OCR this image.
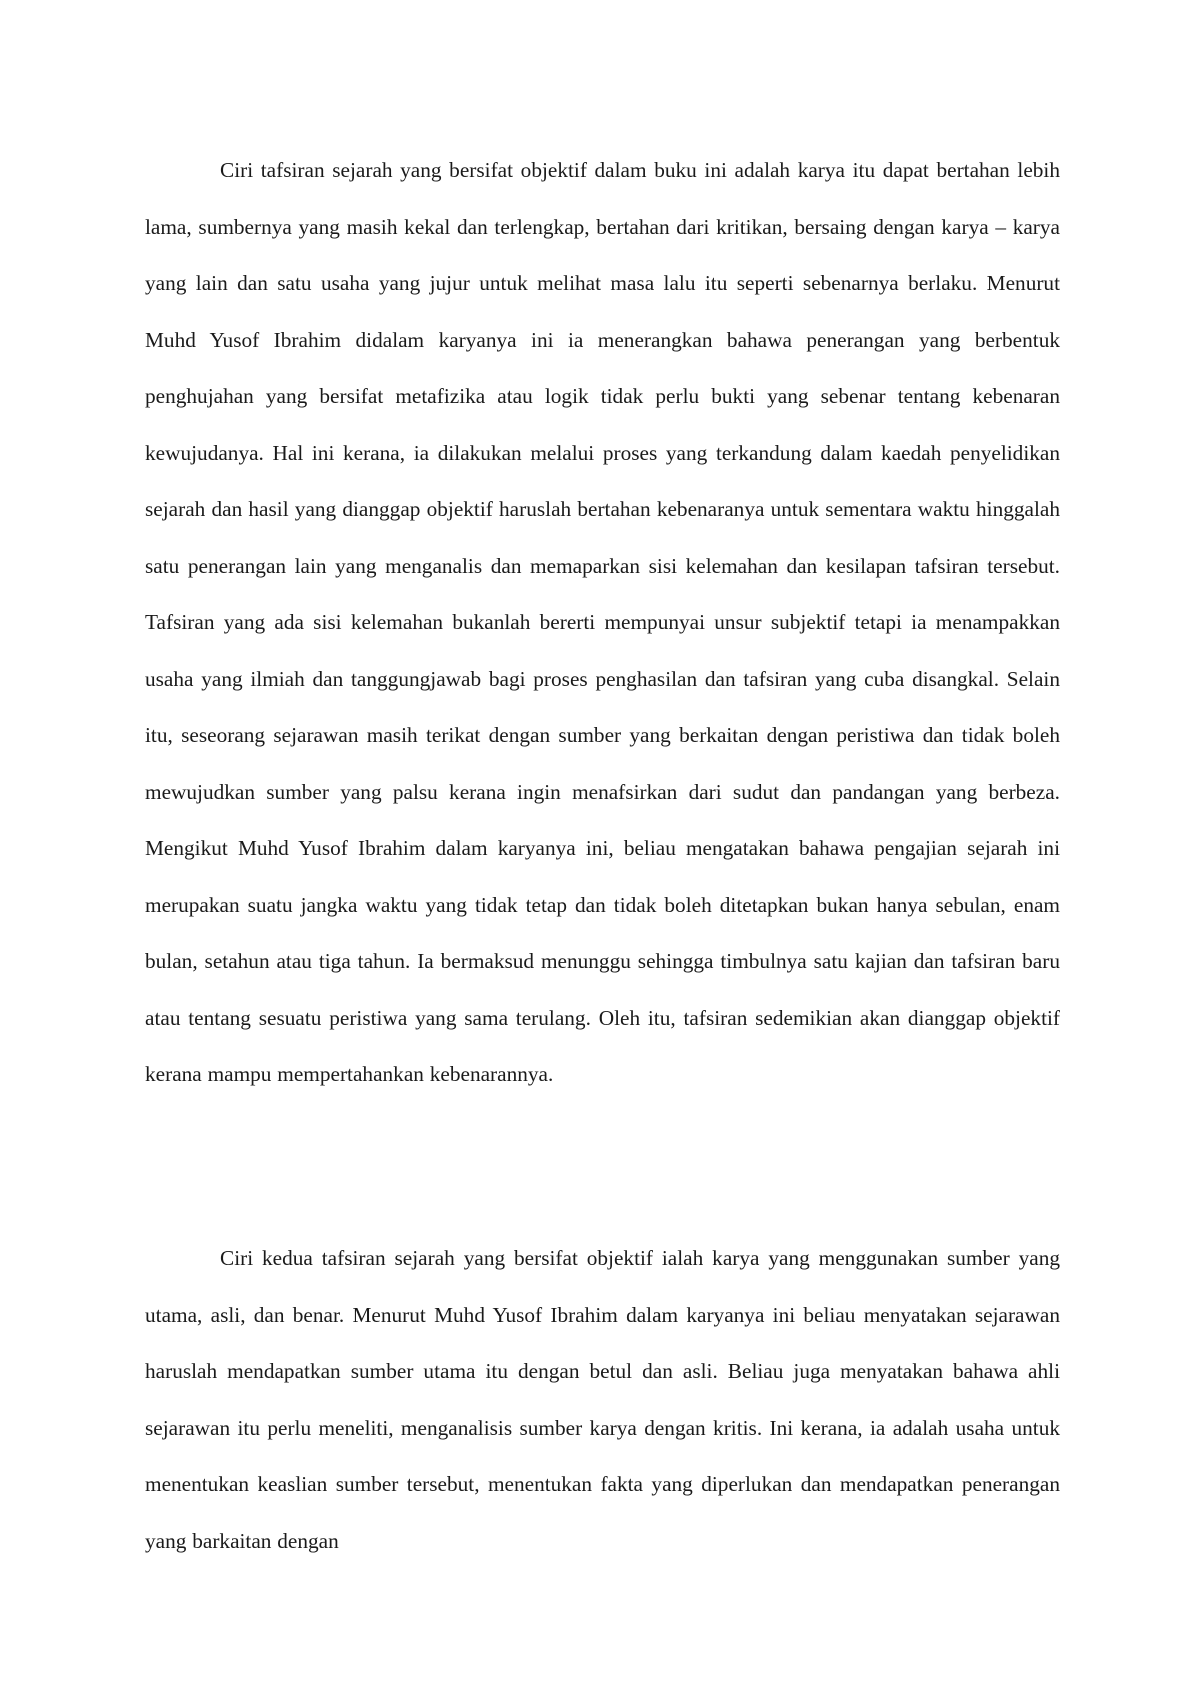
Ciri tafsiran sejarah yang bersifat objektif dalam buku ini adalah karya itu dapat bertahan lebih lama, sumbernya yang masih kekal dan terlengkap, bertahan dari kritikan, bersaing dengan karya – karya yang lain dan satu usaha yang jujur untuk melihat masa lalu itu seperti sebenarnya berlaku. Menurut Muhd Yusof Ibrahim didalam karyanya ini ia menerangkan bahawa penerangan yang berbentuk penghujahan yang bersifat metafizika atau logik tidak perlu bukti yang sebenar tentang kebenaran kewujudanya. Hal ini kerana, ia dilakukan melalui proses yang terkandung dalam kaedah penyelidikan sejarah dan hasil yang dianggap objektif haruslah bertahan kebenaranya untuk sementara waktu hinggalah satu penerangan lain yang menganalis dan memaparkan sisi kelemahan dan kesilapan tafsiran tersebut. Tafsiran yang ada sisi kelemahan bukanlah bererti mempunyai unsur subjektif tetapi ia menampakkan usaha yang ilmiah dan tanggungjawab bagi proses penghasilan dan tafsiran yang cuba disangkal. Selain itu, seseorang sejarawan masih terikat dengan sumber yang berkaitan dengan peristiwa dan tidak boleh mewujudkan sumber yang palsu kerana ingin menafsirkan dari sudut dan pandangan yang berbeza. Mengikut Muhd Yusof Ibrahim dalam karyanya ini, beliau mengatakan bahawa pengajian sejarah ini merupakan suatu jangka waktu yang tidak tetap dan tidak boleh ditetapkan bukan hanya sebulan, enam bulan, setahun atau tiga tahun. Ia bermaksud menunggu sehingga timbulnya satu kajian dan tafsiran baru atau tentang sesuatu peristiwa yang sama terulang. Oleh itu, tafsiran sedemikian akan dianggap objektif kerana mampu mempertahankan kebenarannya.

Ciri kedua tafsiran sejarah yang bersifat objektif ialah karya yang menggunakan sumber yang utama, asli, dan benar. Menurut Muhd Yusof Ibrahim dalam karyanya ini beliau menyatakan sejarawan haruslah mendapatkan sumber utama itu dengan betul dan asli. Beliau juga menyatakan bahawa ahli sejarawan itu perlu meneliti, menganalisis sumber karya dengan kritis. Ini kerana, ia adalah usaha untuk menentukan keaslian sumber tersebut, menentukan fakta yang diperlukan dan mendapatkan penerangan yang barkaitan dengan
